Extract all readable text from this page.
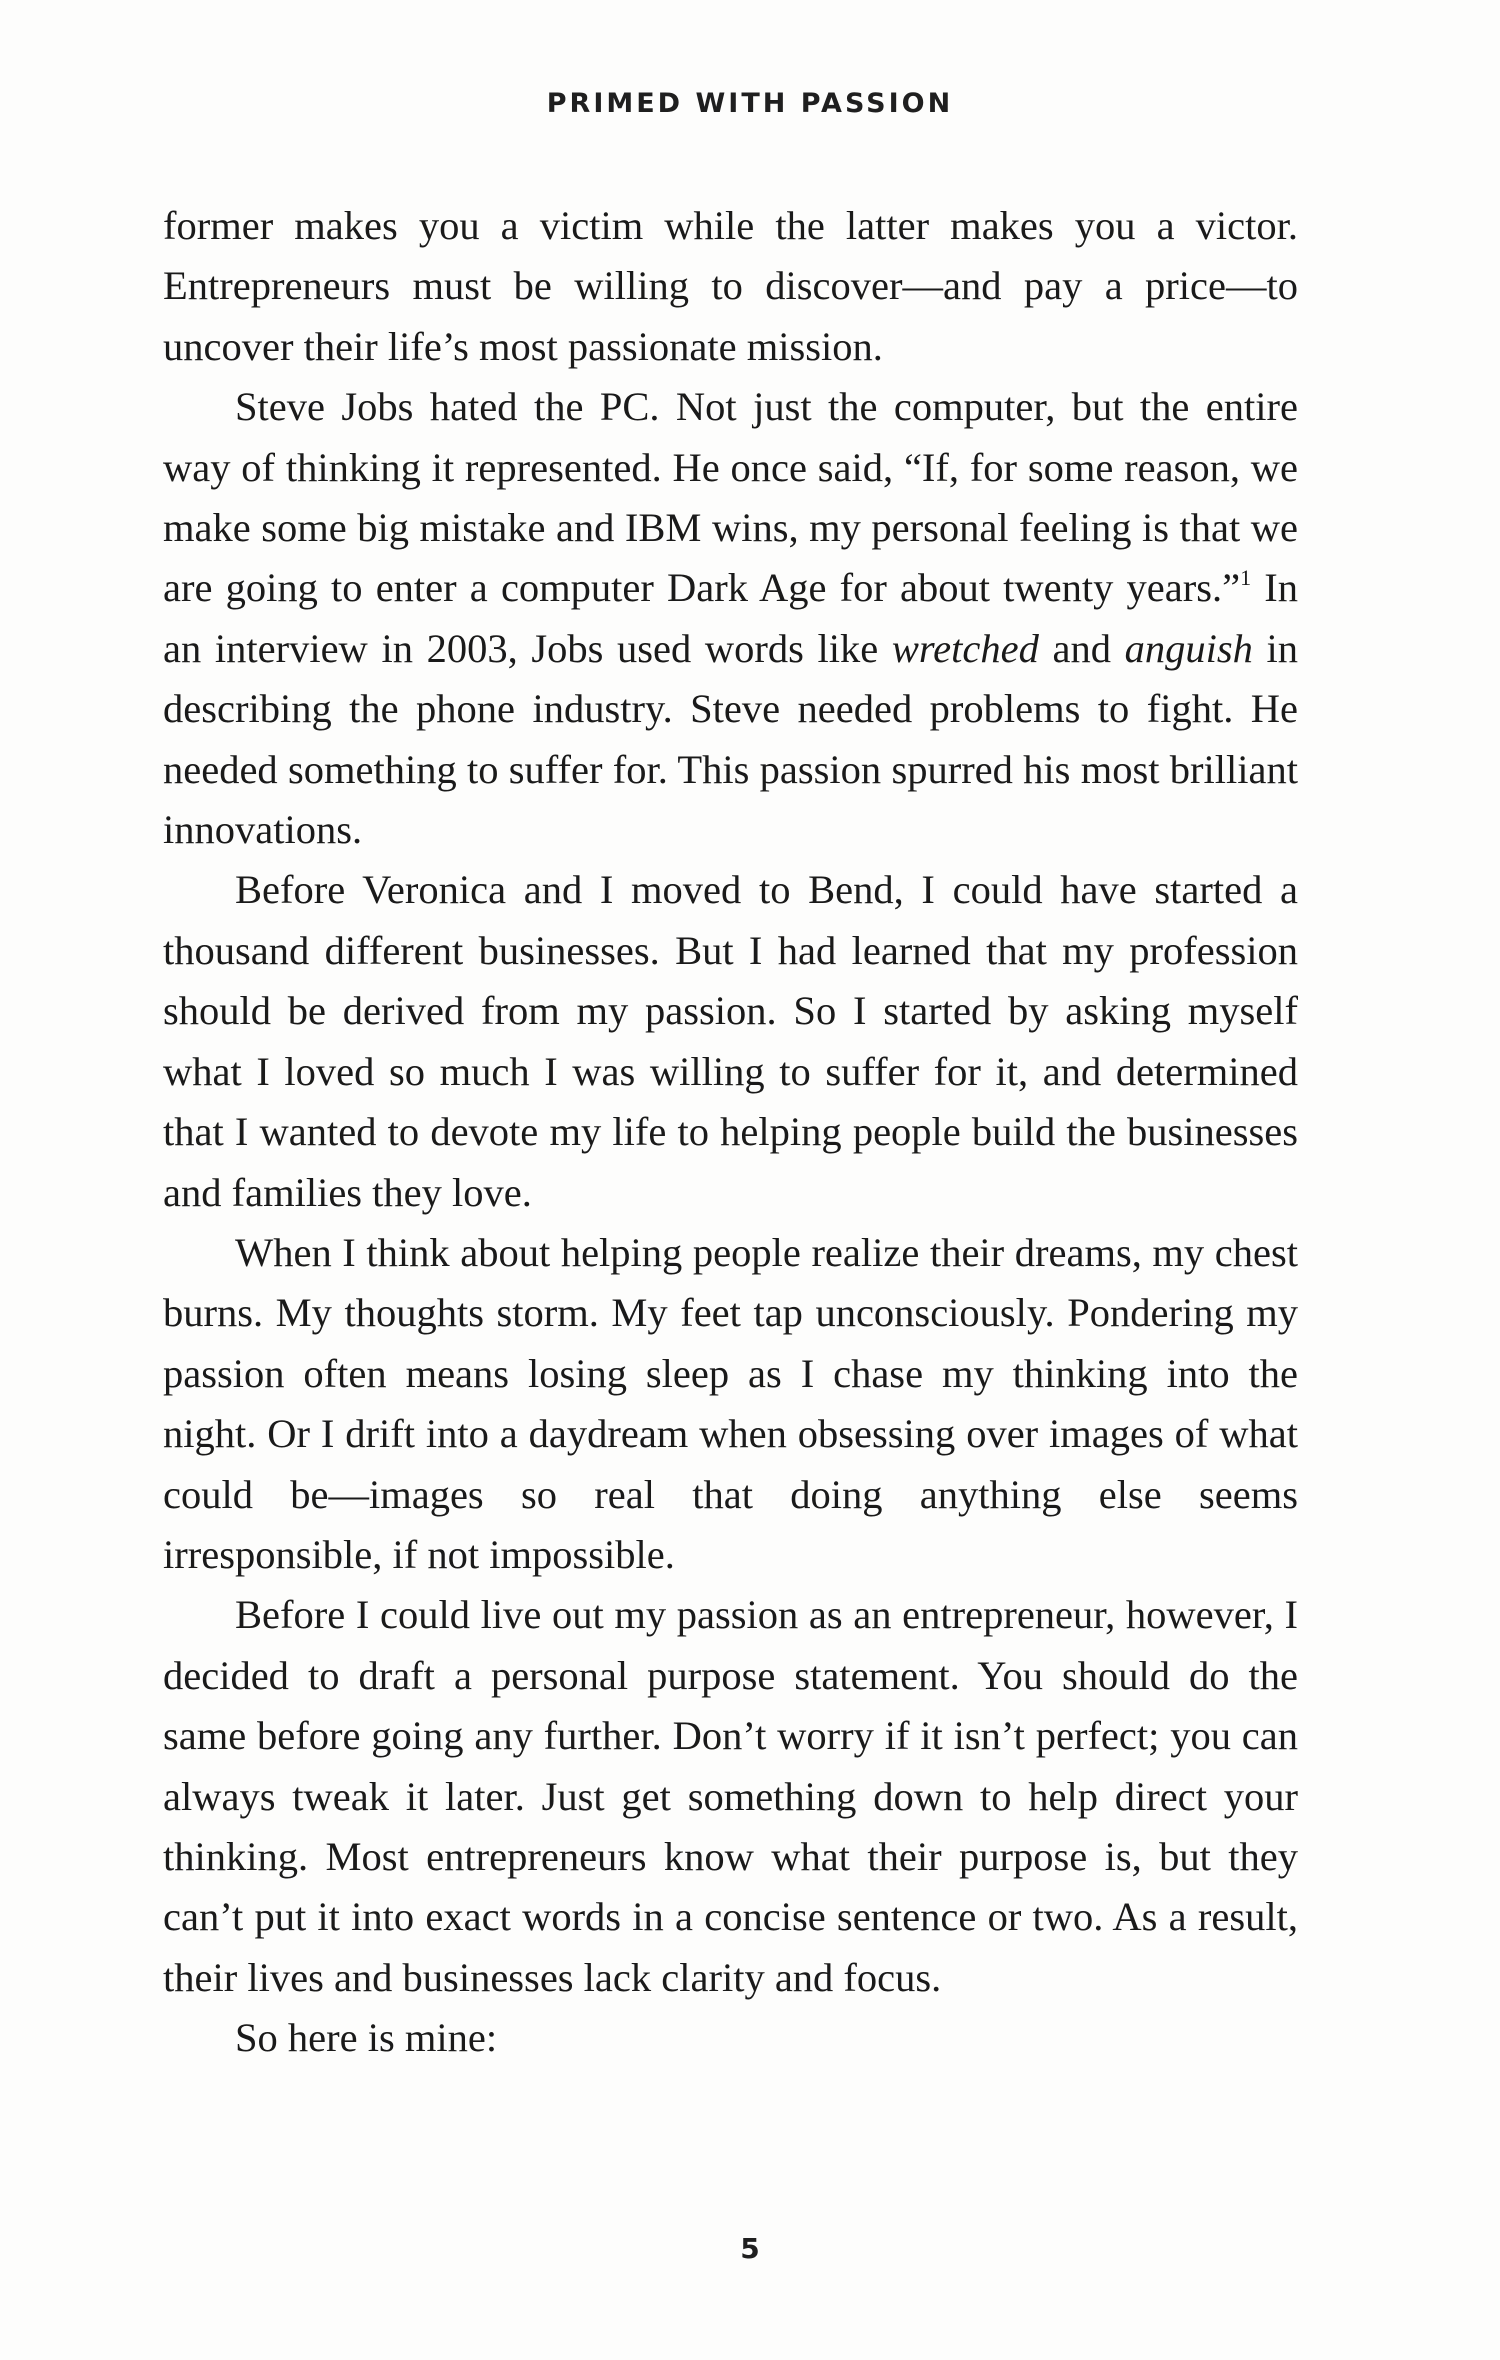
PRIMED WITH PASSION

former makes you a victim while the latter makes you a victor. Entrepreneurs must be willing to discover—and pay a price—to uncover their life’s most passionate mission.

Steve Jobs hated the PC. Not just the computer, but the entire way of thinking it represented. He once said, “If, for some reason, we make some big mistake and IBM wins, my personal feeling is that we are going to enter a computer Dark Age for about twenty years.”$^1$ In an interview in 2003, Jobs used words like wretched and anguish in describing the phone industry. Steve needed problems to fight. He needed something to suffer for. This passion spurred his most brilliant innovations.

Before Veronica and I moved to Bend, I could have started a thousand different businesses. But I had learned that my profession should be derived from my passion. So I started by asking myself what I loved so much I was willing to suffer for it, and determined that I wanted to devote my life to helping people build the businesses and families they love.

When I think about helping people realize their dreams, my chest burns. My thoughts storm. My feet tap unconsciously. Pondering my passion often means losing sleep as I chase my thinking into the night. Or I drift into a daydream when obsessing over images of what could be—images so real that doing anything else seems irresponsible, if not impossible.

Before I could live out my passion as an entrepreneur, however, I decided to draft a personal purpose statement. You should do the same before going any further. Don’t worry if it isn’t perfect; you can always tweak it later. Just get something down to help direct your thinking. Most entrepreneurs know what their purpose is, but they can’t put it into exact words in a concise sentence or two. As a result, their lives and businesses lack clarity and focus.

So here is mine:

5
